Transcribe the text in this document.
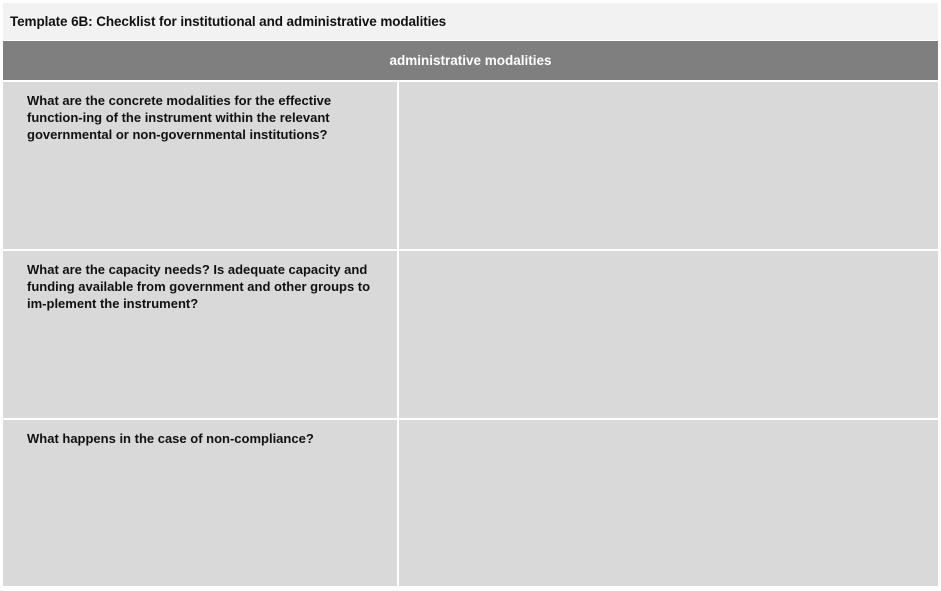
Template 6B: Checklist for institutional and administrative modalities
administrative modalities
What are the concrete modalities for the effective function-ing of the instrument within the relevant governmental or non-governmental institutions?
What are the capacity needs? Is adequate capacity and funding available from government and other groups to im-plement the instrument?
What happens in the case of non-compliance?
